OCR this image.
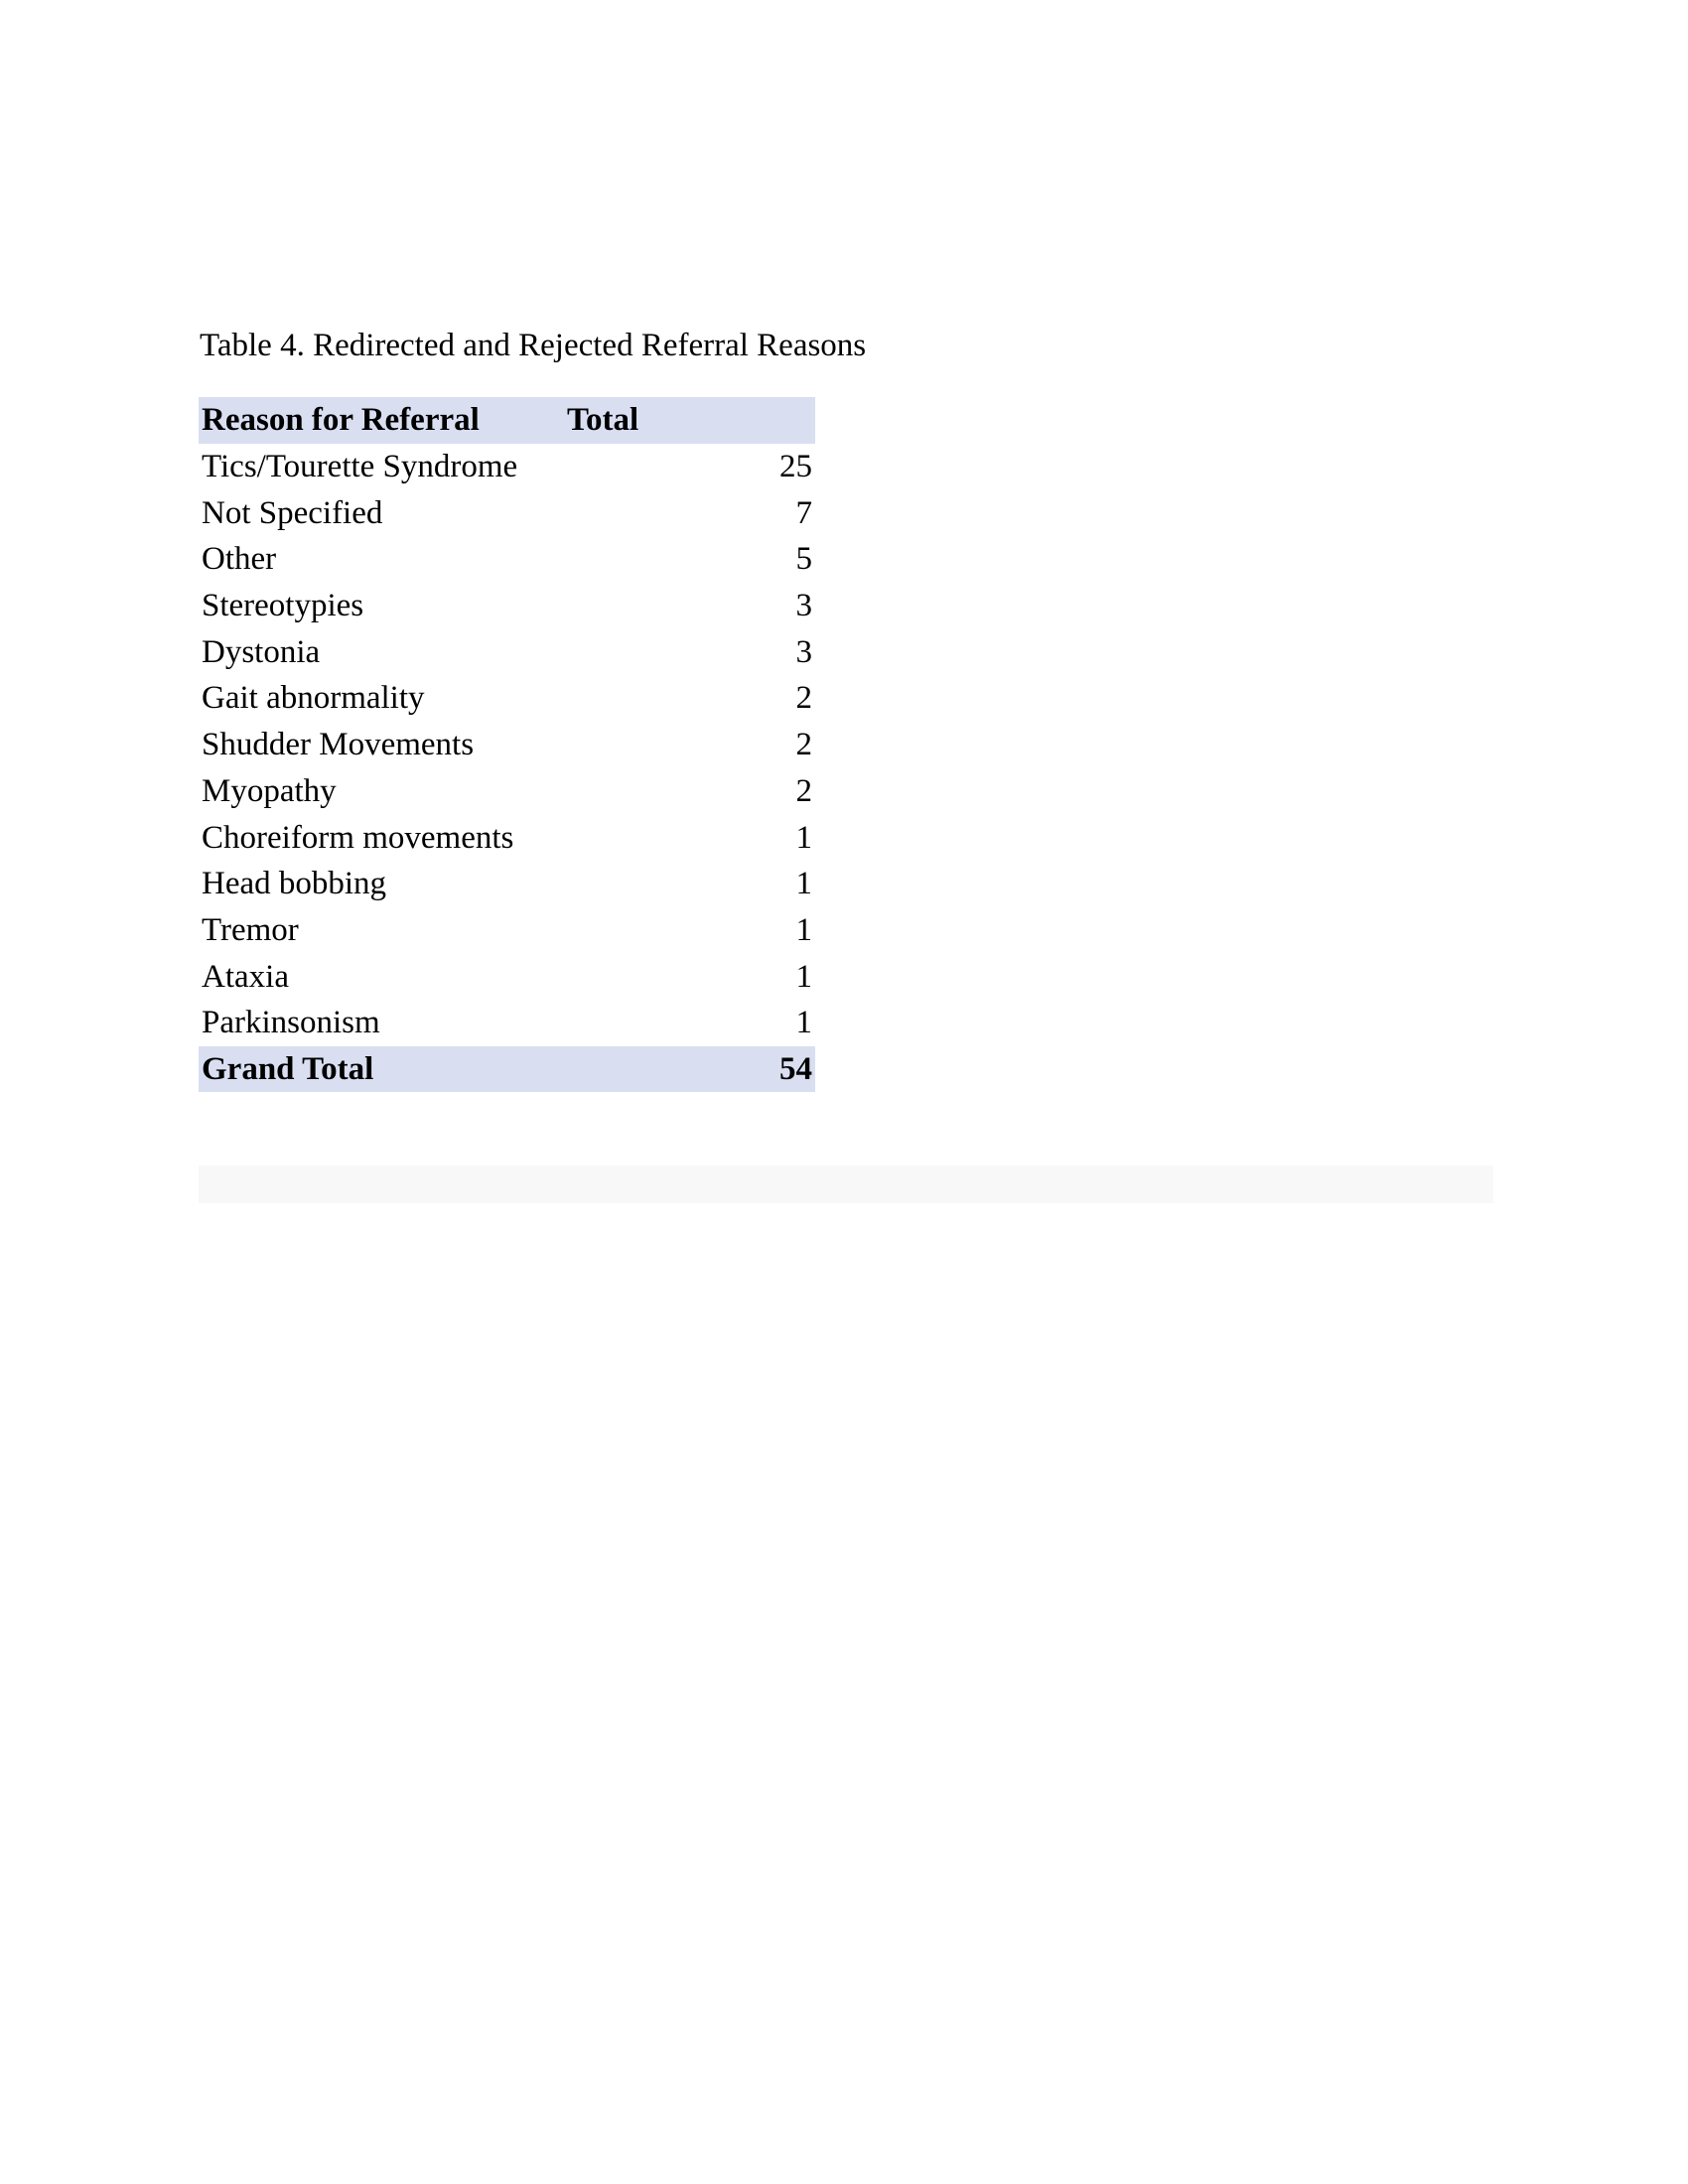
Table 4. Redirected and Rejected Referral Reasons
Reason for Referral	Total
Tics/Tourette Syndrome	25
Not Specified	7
Other	5
Stereotypies	3
Dystonia	3
Gait abnormality	2
Shudder Movements	2
Myopathy	2
Choreiform movements	1
Head bobbing	1
Tremor	1
Ataxia	1
Parkinsonism	1
Grand Total	54
